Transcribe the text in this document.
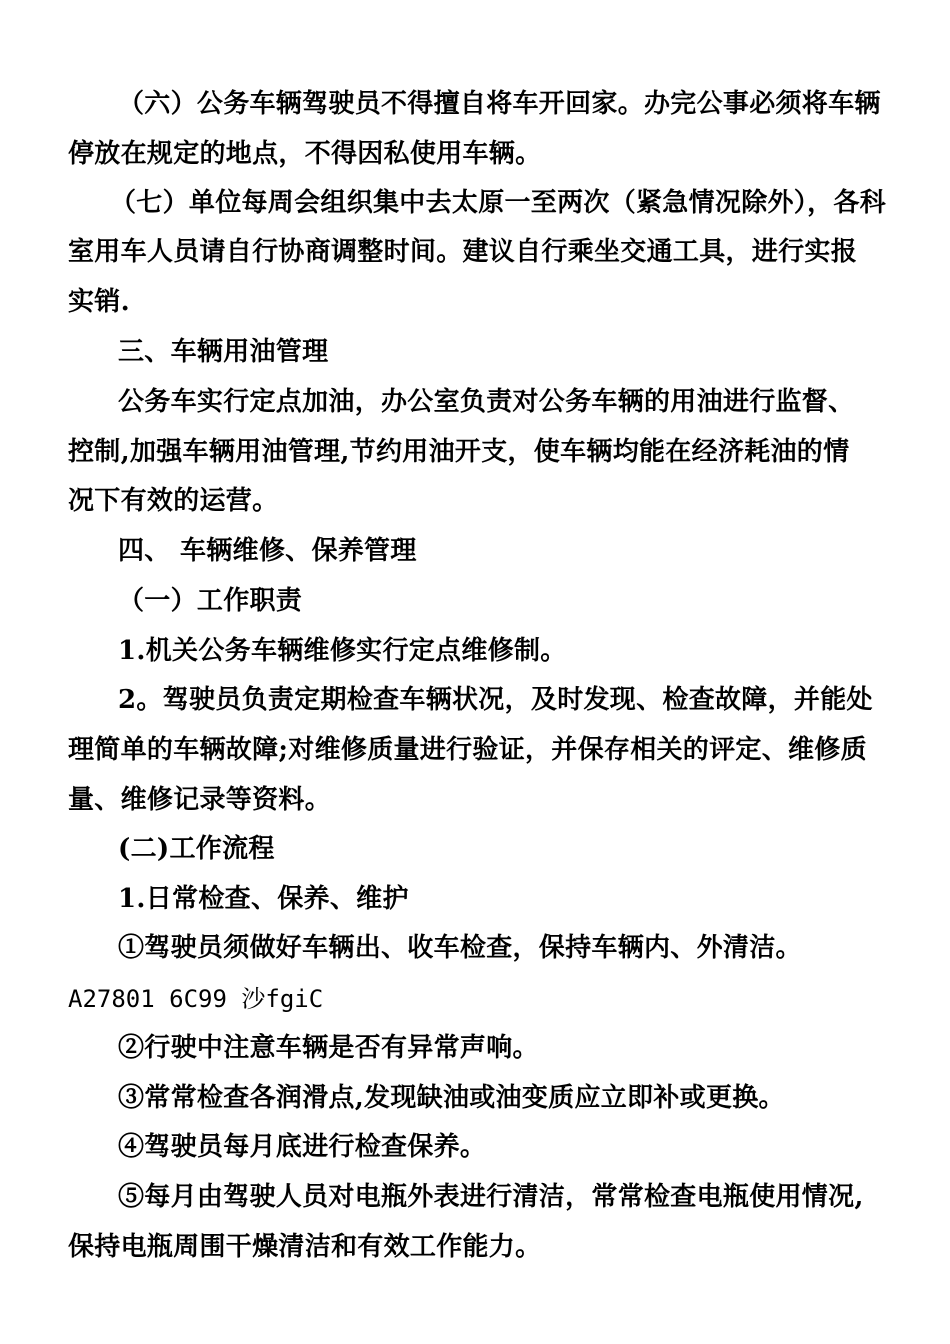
（六）公务车辆驾驶员不得擅自将车开回家。办完公事必须将车辆
停放在规定的地点，不得因私使用车辆。
（七）单位每周会组织集中去太原一至两次（紧急情况除外），各科
室用车人员请自行协商调整时间。建议自行乘坐交通工具，进行实报
实销.
三、车辆用油管理
公务车实行定点加油，办公室负责对公务车辆的用油进行监督、
控制,加强车辆用油管理,节约用油开支，使车辆均能在经济耗油的情
况下有效的运营。
四、 车辆维修、保养管理
（一）工作职责
1.机关公务车辆维修实行定点维修制。
2。驾驶员负责定期检查车辆状况，及时发现、检查故障，并能处
理简单的车辆故障;对维修质量进行验证，并保存相关的评定、维修质
量、维修记录等资料。
(二)工作流程
1.日常检查、保养、维护
①驾驶员须做好车辆出、收车检查，保持车辆内、外清洁。
A27801 6C99 沙fgiC
②行驶中注意车辆是否有异常声响。
③常常检查各润滑点,发现缺油或油变质应立即补或更换。
④驾驶员每月底进行检查保养。
⑤每月由驾驶人员对电瓶外表进行清洁，常常检查电瓶使用情况,
保持电瓶周围干燥清洁和有效工作能力。
